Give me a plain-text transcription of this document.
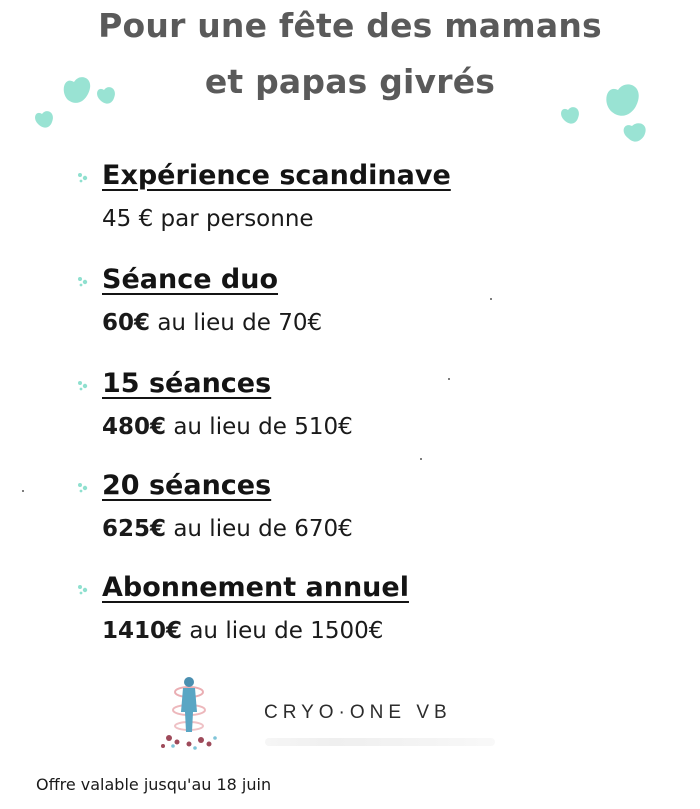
Pour une fête des mamans
et papas givrés
Expérience scandinave
45 € par personne
Séance duo
60€ au lieu de 70€
15 séances
480€ au lieu de 510€
20 séances
625€ au lieu de 670€
Abonnement annuel
1410€ au lieu de 1500€
CRYO·ONE VB
Offre valable jusqu'au 18 juin
